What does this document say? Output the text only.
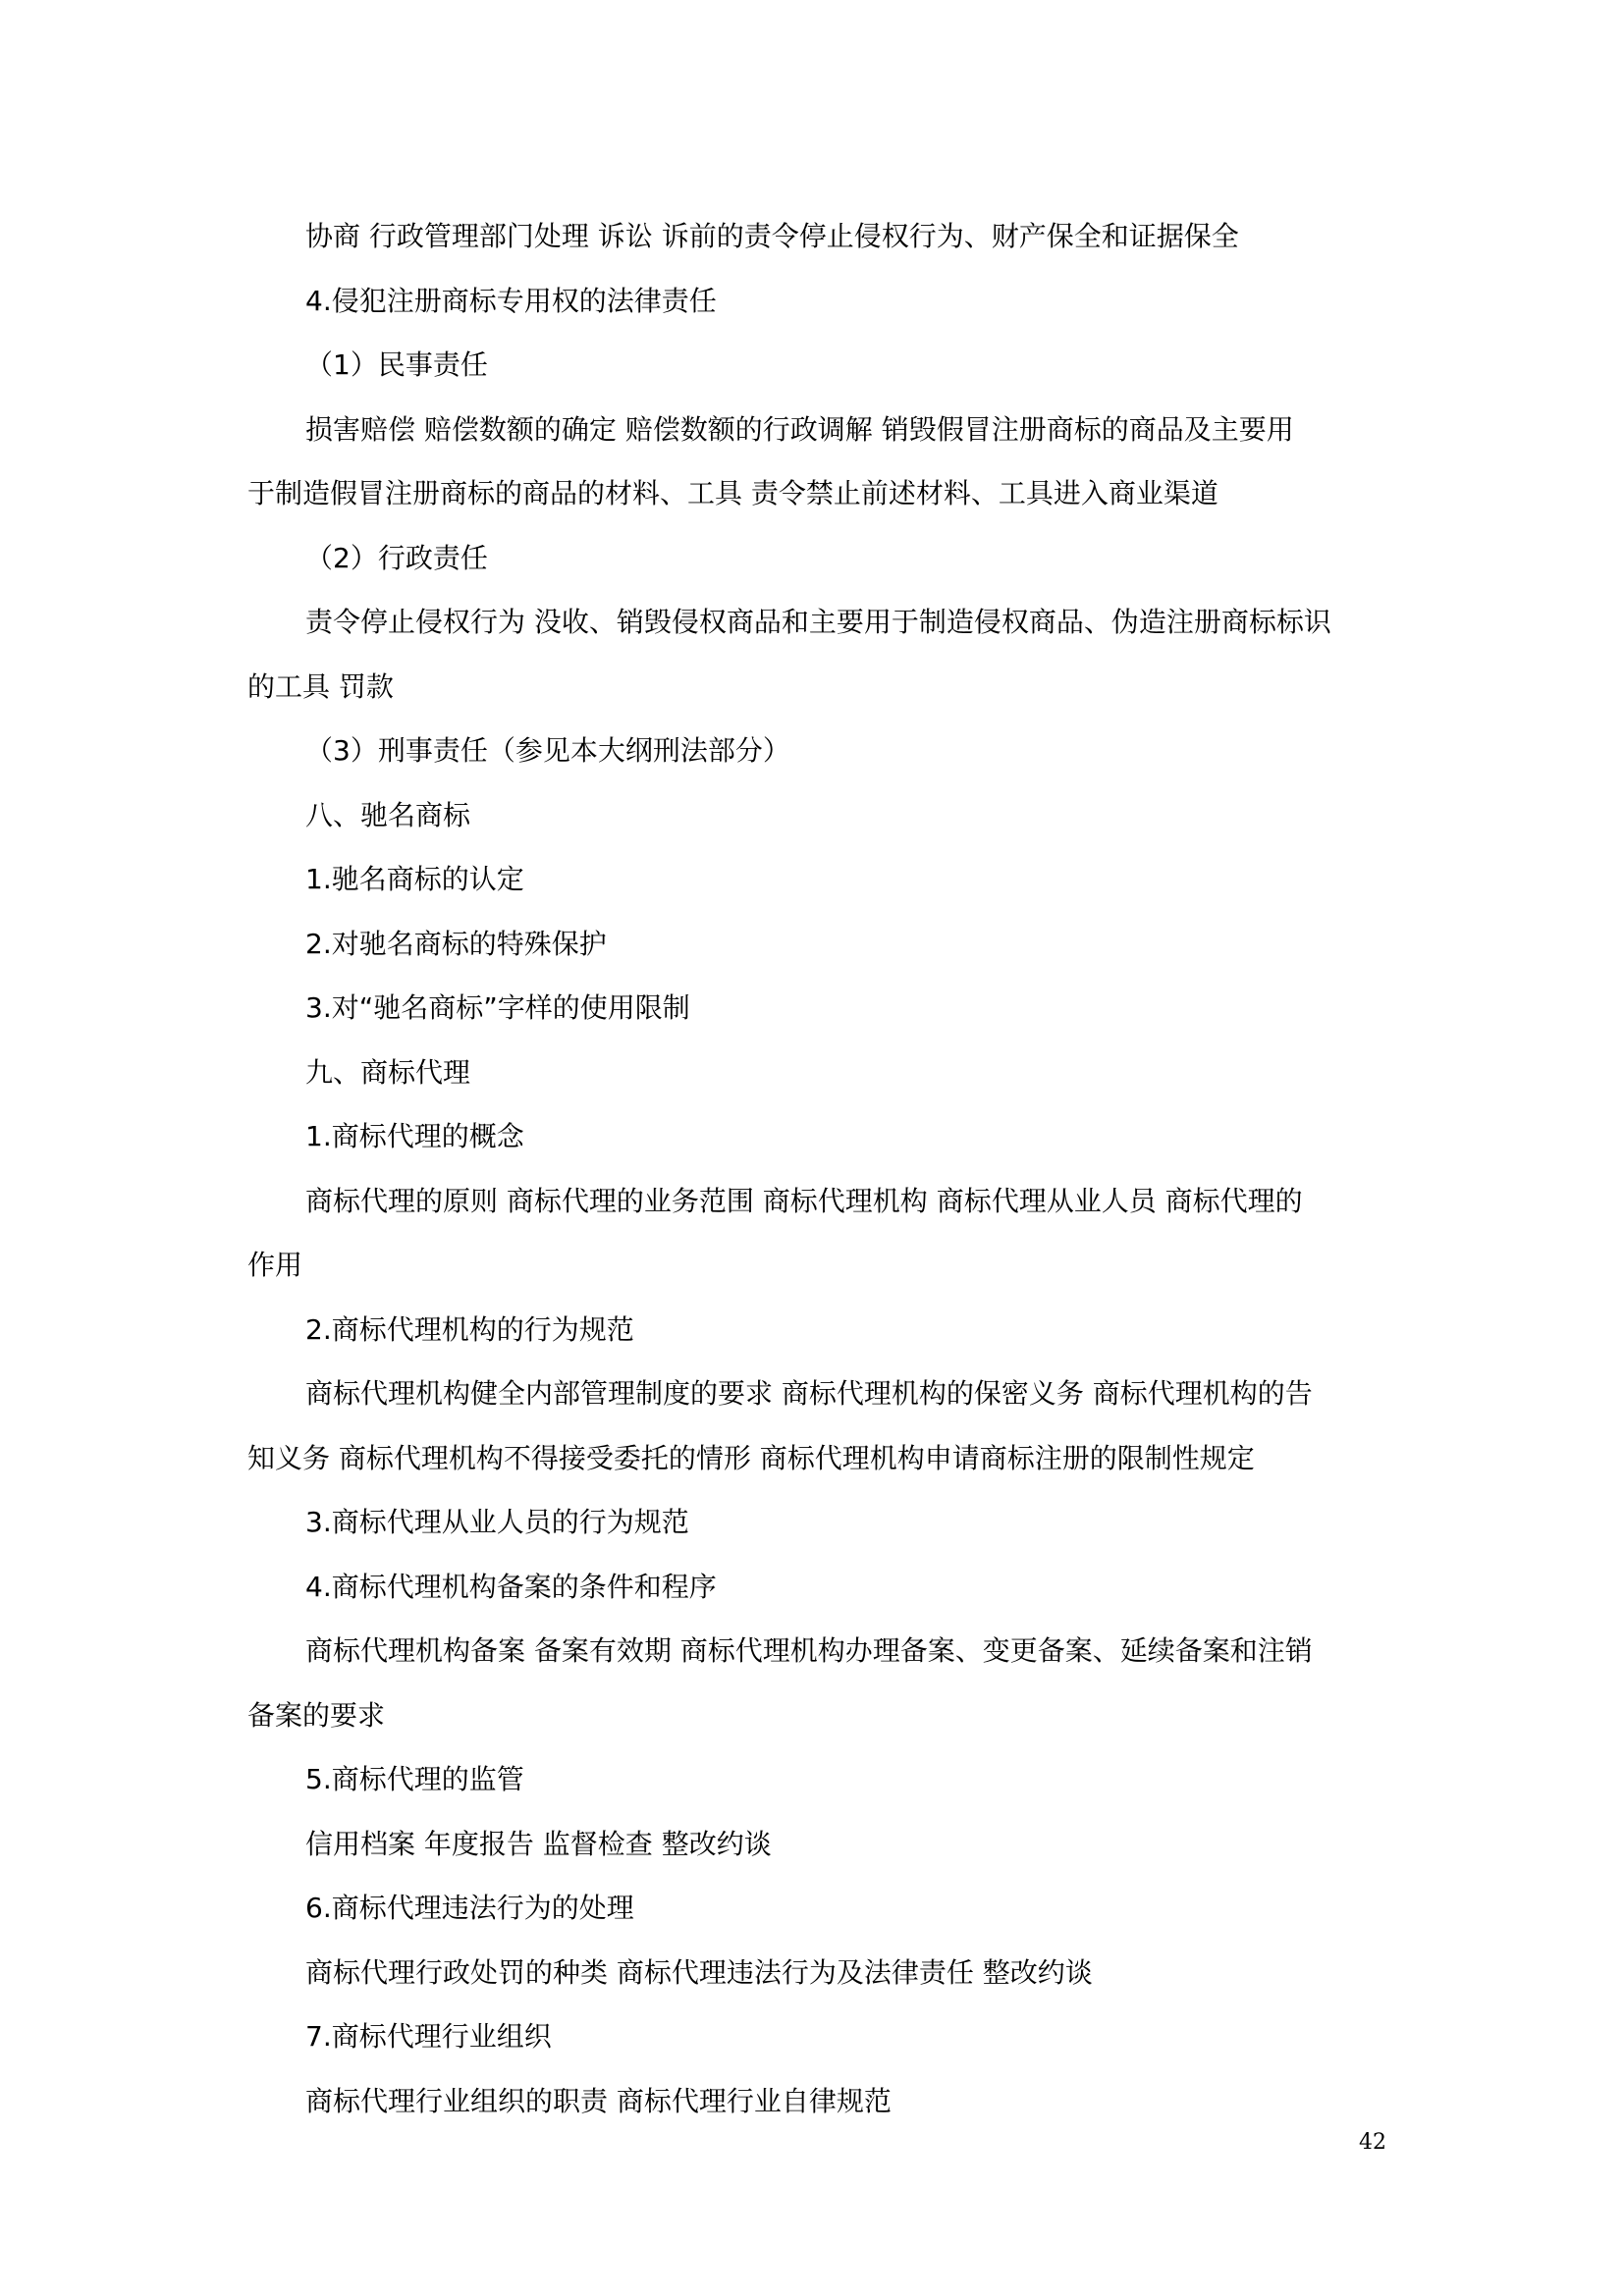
协商 行政管理部门处理 诉讼 诉前的责令停止侵权行为、财产保全和证据保全
4.侵犯注册商标专用权的法律责任
（1）民事责任
损害赔偿 赔偿数额的确定 赔偿数额的行政调解 销毁假冒注册商标的商品及主要用
于制造假冒注册商标的商品的材料、工具 责令禁止前述材料、工具进入商业渠道
（2）行政责任
责令停止侵权行为 没收、销毁侵权商品和主要用于制造侵权商品、伪造注册商标标识
的工具 罚款
（3）刑事责任（参见本大纲刑法部分）
八、驰名商标
1.驰名商标的认定
2.对驰名商标的特殊保护
3.对“驰名商标”字样的使用限制
九、商标代理
1.商标代理的概念
商标代理的原则 商标代理的业务范围 商标代理机构 商标代理从业人员 商标代理的
作用
2.商标代理机构的行为规范
商标代理机构健全内部管理制度的要求 商标代理机构的保密义务 商标代理机构的告
知义务 商标代理机构不得接受委托的情形 商标代理机构申请商标注册的限制性规定
3.商标代理从业人员的行为规范
4.商标代理机构备案的条件和程序
商标代理机构备案 备案有效期 商标代理机构办理备案、变更备案、延续备案和注销
备案的要求
5.商标代理的监管
信用档案 年度报告 监督检查 整改约谈
6.商标代理违法行为的处理
商标代理行政处罚的种类 商标代理违法行为及法律责任 整改约谈
7.商标代理行业组织
商标代理行业组织的职责 商标代理行业自律规范
42
